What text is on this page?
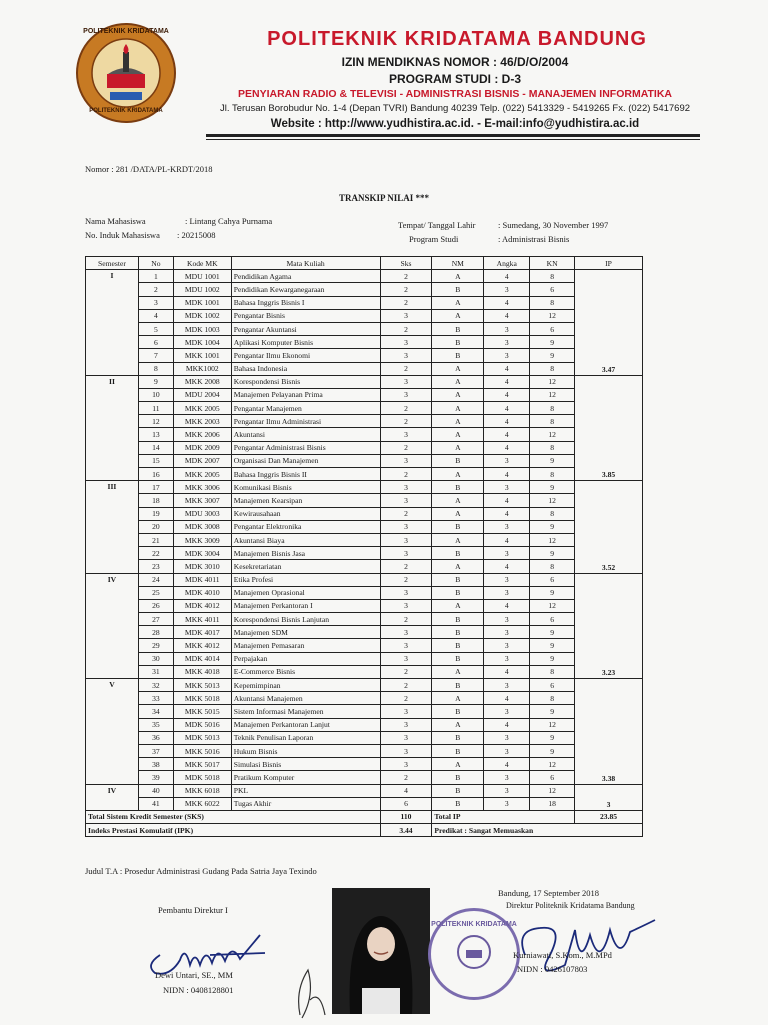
POLITEKNIK KRIDATAMA
POLITEKNIK KRIDATAMA
POLITEKNIK KRIDATAMA BANDUNG
IZIN MENDIKNAS NOMOR : 46/D/O/2004
PROGRAM STUDI : D-3
PENYIARAN RADIO & TELEVISI - ADMINISTRASI BISNIS - MANAJEMEN INFORMATIKA
Jl. Terusan Borobudur No. 1-4 (Depan TVRI) Bandung 40239 Telp. (022) 5413329 - 5419265 Fx. (022) 5417692
Website : http://www.yudhistira.ac.id. - E-mail:info@yudhistira.ac.id
Nomor : 281 /DATA/PL-KRDT/2018
TRANSKIP NILAI ***
Nama Mahasiswa	: Lintang Cahya Purnama
No. Induk Mahasiswa : 20215008
Tempat/ Tanggal Lahir	: Sumedang, 30 November 1997
Program Studi	: Administrasi Bisnis
Semester	No	Kode MK	Mata Kuliah	Sks	NM	Angka	KN	IP
I	1	MDU 1001	Pendidikan Agama	2	A	4	8	3.47
	2	MDU 1002	Pendidikan Kewarganegaraan	2	B	3	6	
	3	MDK 1001	Bahasa Inggris Bisnis I	2	A	4	8	
	4	MDK 1002	Pengantar Bisnis	3	A	4	12	
	5	MDK 1003	Pengantar Akuntansi	2	B	3	6	
	6	MDK 1004	Aplikasi Komputer Bisnis	3	B	3	9	
	7	MKK 1001	Pengantar Ilmu Ekonomi	3	B	3	9	
	8	MKK1002	Bahasa Indonesia	2	A	4	8	
II	9	MKK 2008	Korespondensi Bisnis	3	A	4	12	3.85
	10	MDU 2004	Manajemen Pelayanan Prima	3	A	4	12	
	11	MKK 2005	Pengantar Manajemen	2	A	4	8	
	12	MKK 2003	Pengantar Ilmu Administrasi	2	A	4	8	
	13	MKK 2006	Akuntansi	3	A	4	12	
	14	MDK 2009	Pengantar Administrasi Bisnis	2	A	4	8	
	15	MDK 2007	Organisasi Dan Manajemen	3	B	3	9	
	16	MKK 2005	Bahasa Inggris Bisnis II	2	A	4	8	
III	17	MKK 3006	Komunikasi Bisnis	3	B	3	9	3.52
	18	MKK 3007	Manajemen Kearsipan	3	A	4	12	
	19	MDU 3003	Kewirausahaan	2	A	4	8	
	20	MDK 3008	Pengantar Elektronika	3	B	3	9	
	21	MKK 3009	Akuntansi Biaya	3	A	4	12	
	22	MDK 3004	Manajemen Bisnis Jasa	3	B	3	9	
	23	MDK 3010	Kesekretariatan	2	A	4	8	
IV	24	MDK 4011	Etika Profesi	2	B	3	6	3.23
	25	MDK 4010	Manajemen Oprasional	3	B	3	9	
	26	MDK 4012	Manajemen Perkantoran I	3	A	4	12	
	27	MKK 4011	Korespondensi Bisnis Lanjutan	2	B	3	6	
	28	MDK 4017	Manajemen SDM	3	B	3	9	
	29	MKK 4012	Manajemen Pemasaran	3	B	3	9	
	30	MDK 4014	Perpajakan	3	B	3	9	
	31	MKK 4018	E-Commerce Bisnis	2	A	4	8	
V	32	MKK 5013	Kepemimpinan	2	B	3	6	3.38
	33	MKK 5018	Akuntansi Manajemen	2	A	4	8	
	34	MKK 5015	Sistem Informasi Manajemen	3	B	3	9	
	35	MDK 5016	Manajemen Perkantoran Lanjut	3	A	4	12	
	36	MDK 5013	Teknik Penulisan Laporan	3	B	3	9	
	37	MKK 5016	Hukum Bisnis	3	B	3	9	
	38	MKK 5017	Simulasi Bisnis	3	A	4	12	
	39	MDK 5018	Pratikum Komputer	2	B	3	6	
IV	40	MKK 6018	PKL	4	B	3	12	3
	41	MKK 6022	Tugas Akhir	6	B	3	18	
Total Sistem Kredit Semester (SKS)				110	Total IP			23.85
Indeks Prestasi Komulatif (IPK)				3.44	Predikat : Sangat Memuaskan			
Judul T.A : Prosedur Administrasi Gudang Pada Satria Jaya Texindo
Pembantu Direktur I
Dewi Untari, SE., MM
NIDN : 0408128801
Bandung, 17 September 2018
Direktur Politeknik Kridatama Bandung
POLITEKNIK KRIDATAMA
Kurniawati, S.Kom., M.MPd
NIDN : 0426107803
